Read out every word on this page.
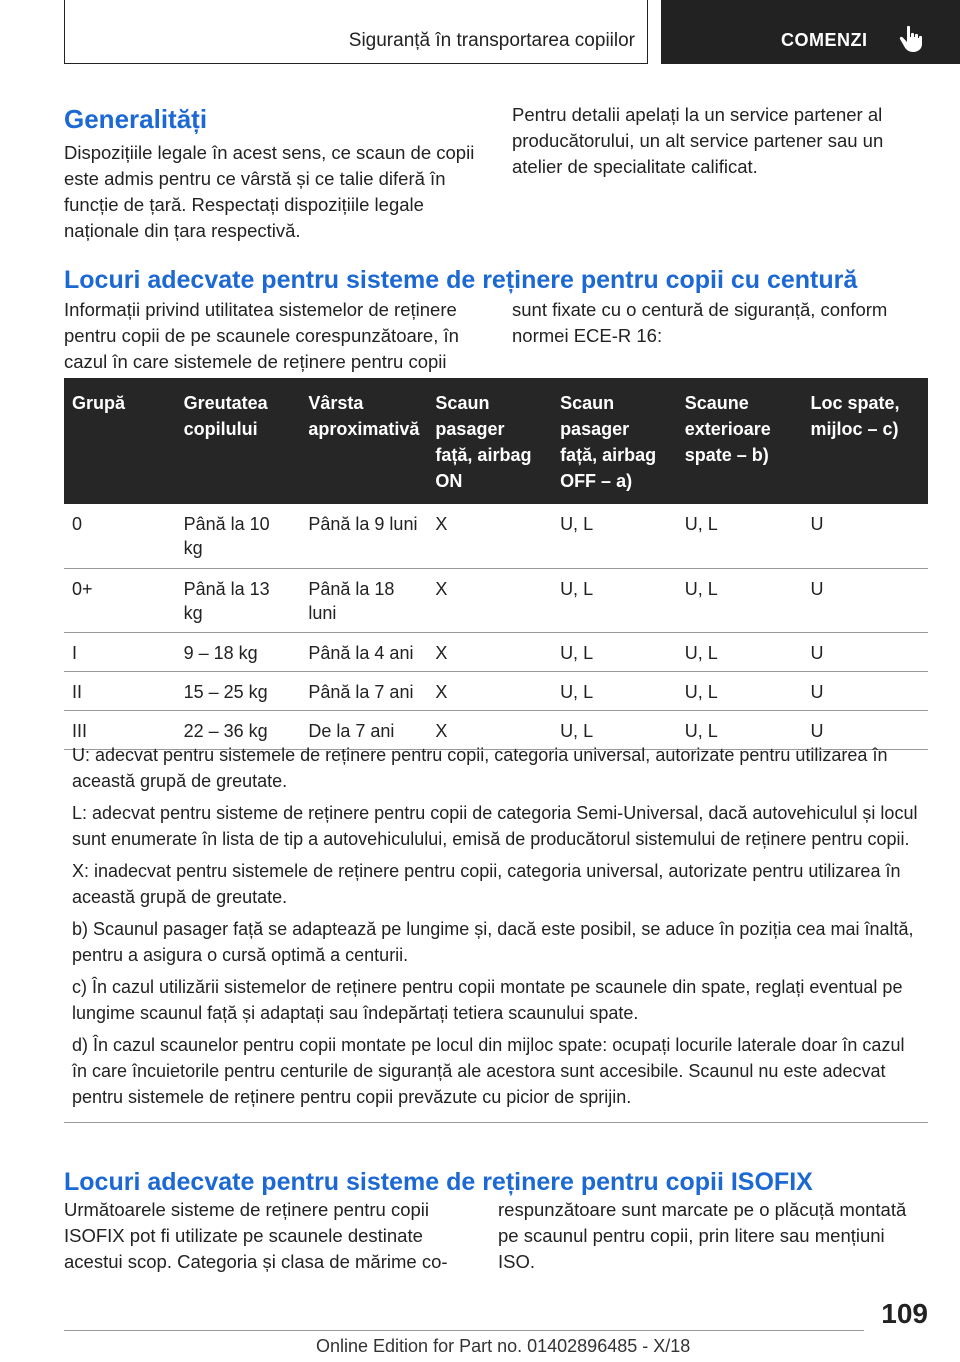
Siguranță în transportarea copiilor	COMENZI
Generalități

Dispozițiile legale în acest sens, ce scaun de copii este admis pentru ce vârstă și ce talie diferă în funcție de țară. Respectați dispozițiile legale naționale din țara respectivă.

Pentru detalii apelați la un service partener al producătorului, un alt service partener sau un atelier de specialitate calificat.

Locuri adecvate pentru sisteme de reținere pentru copii cu centură

Informații privind utilitatea sistemelor de reținere pentru copii de pe scaunele corespunzătoare, în cazul în care sistemele de reținere pentru copii

sunt fixate cu o centură de siguranță, conform normei ECE-R 16:

Grupă	Greutatea copilului	Vârsta aproximativă	Scaun pasager față, airbag ON	Scaun pasager față, airbag OFF – a)	Scaune exterioare spate – b)	Loc spate, mijloc – c)
0	Până la 10 kg	Până la 9 luni	X	U, L	U, L	U
0+	Până la 13 kg	Până la 18 luni	X	U, L	U, L	U
I	9 – 18 kg	Până la 4 ani	X	U, L	U, L	U
II	15 – 25 kg	Până la 7 ani	X	U, L	U, L	U
III	22 – 36 kg	De la 7 ani	X	U, L	U, L	U

U: adecvat pentru sistemele de reținere pentru copii, categoria universal, autorizate pentru utilizarea în această grupă de greutate.

L: adecvat pentru sisteme de reținere pentru copii de categoria Semi-Universal, dacă autovehiculul și locul sunt enumerate în lista de tip a autovehiculului, emisă de producătorul sistemului de reținere pentru copii.

X: inadecvat pentru sistemele de reținere pentru copii, categoria universal, autorizate pentru utilizarea în această grupă de greutate.

b) Scaunul pasager față se adaptează pe lungime și, dacă este posibil, se aduce în poziția cea mai înaltă, pentru a asigura o cursă optimă a centurii.

c) În cazul utilizării sistemelor de reținere pentru copii montate pe scaunele din spate, reglați eventual pe lungime scaunul față și adaptați sau îndepărtați tetiera scaunului spate.

d) În cazul scaunelor pentru copii montate pe locul din mijloc spate: ocupați locurile laterale doar în cazul în care încuietorile pentru centurile de siguranță ale acestora sunt accesibile. Scaunul nu este adecvat pentru sistemele de reținere pentru copii prevăzute cu picior de sprijin.

Locuri adecvate pentru sisteme de reținere pentru copii ISOFIX

Următoarele sisteme de reținere pentru copii ISOFIX pot fi utilizate pe scaunele destinate acestui scop. Categoria și clasa de mărime co-

respunzătoare sunt marcate pe o plăcuță montată pe scaunul pentru copii, prin litere sau mențiuni ISO.

109
Online Edition for Part no. 01402896485 - X/18
